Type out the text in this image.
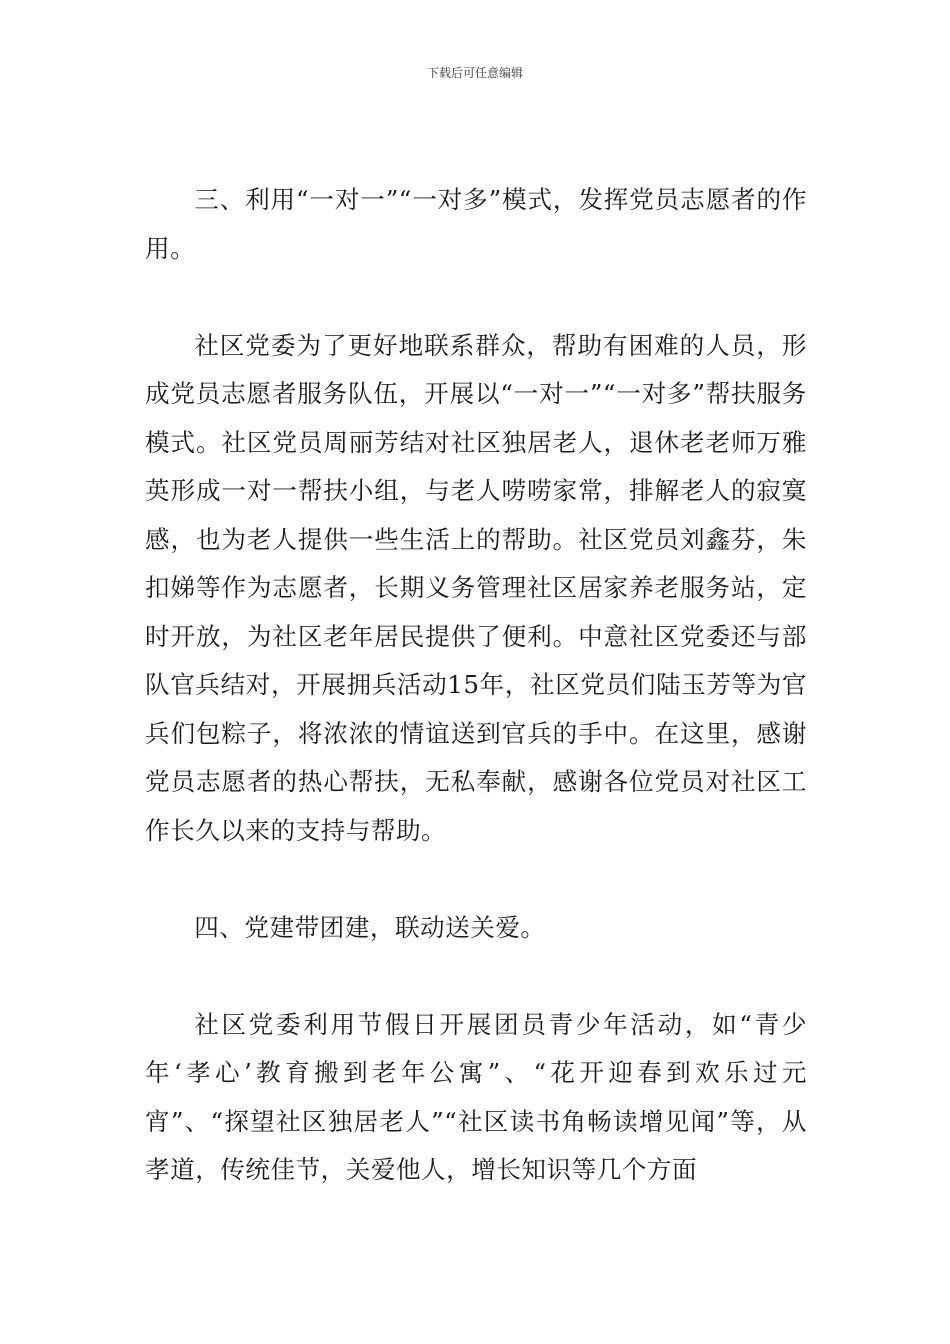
下载后可任意编辑

三、利用“一对一”“一对多”模式，发挥党员志愿者的作用。

社区党委为了更好地联系群众，帮助有困难的人员，形成党员志愿者服务队伍，开展以“一对一”“一对多”帮扶服务模式。社区党员周丽芳结对社区独居老人，退休老老师万雅英形成一对一帮扶小组，与老人唠唠家常，排解老人的寂寞感，也为老人提供一些生活上的帮助。社区党员刘鑫芬，朱扣娣等作为志愿者，长期义务管理社区居家养老服务站，定时开放，为社区老年居民提供了便利。中意社区党委还与部队官兵结对，开展拥兵活动15年，社区党员们陆玉芳等为官兵们包粽子，将浓浓的情谊送到官兵的手中。在这里，感谢党员志愿者的热心帮扶，无私奉献，感谢各位党员对社区工作长久以来的支持与帮助。

四、党建带团建，联动送关爱。

社区党委利用节假日开展团员青少年活动，如“青少年‘孝心’教育搬到老年公寓”、“花开迎春到欢乐过元宵”、“探望社区独居老人”“社区读书角畅读增见闻”等，从孝道，传统佳节，关爱他人，增长知识等几个方面
